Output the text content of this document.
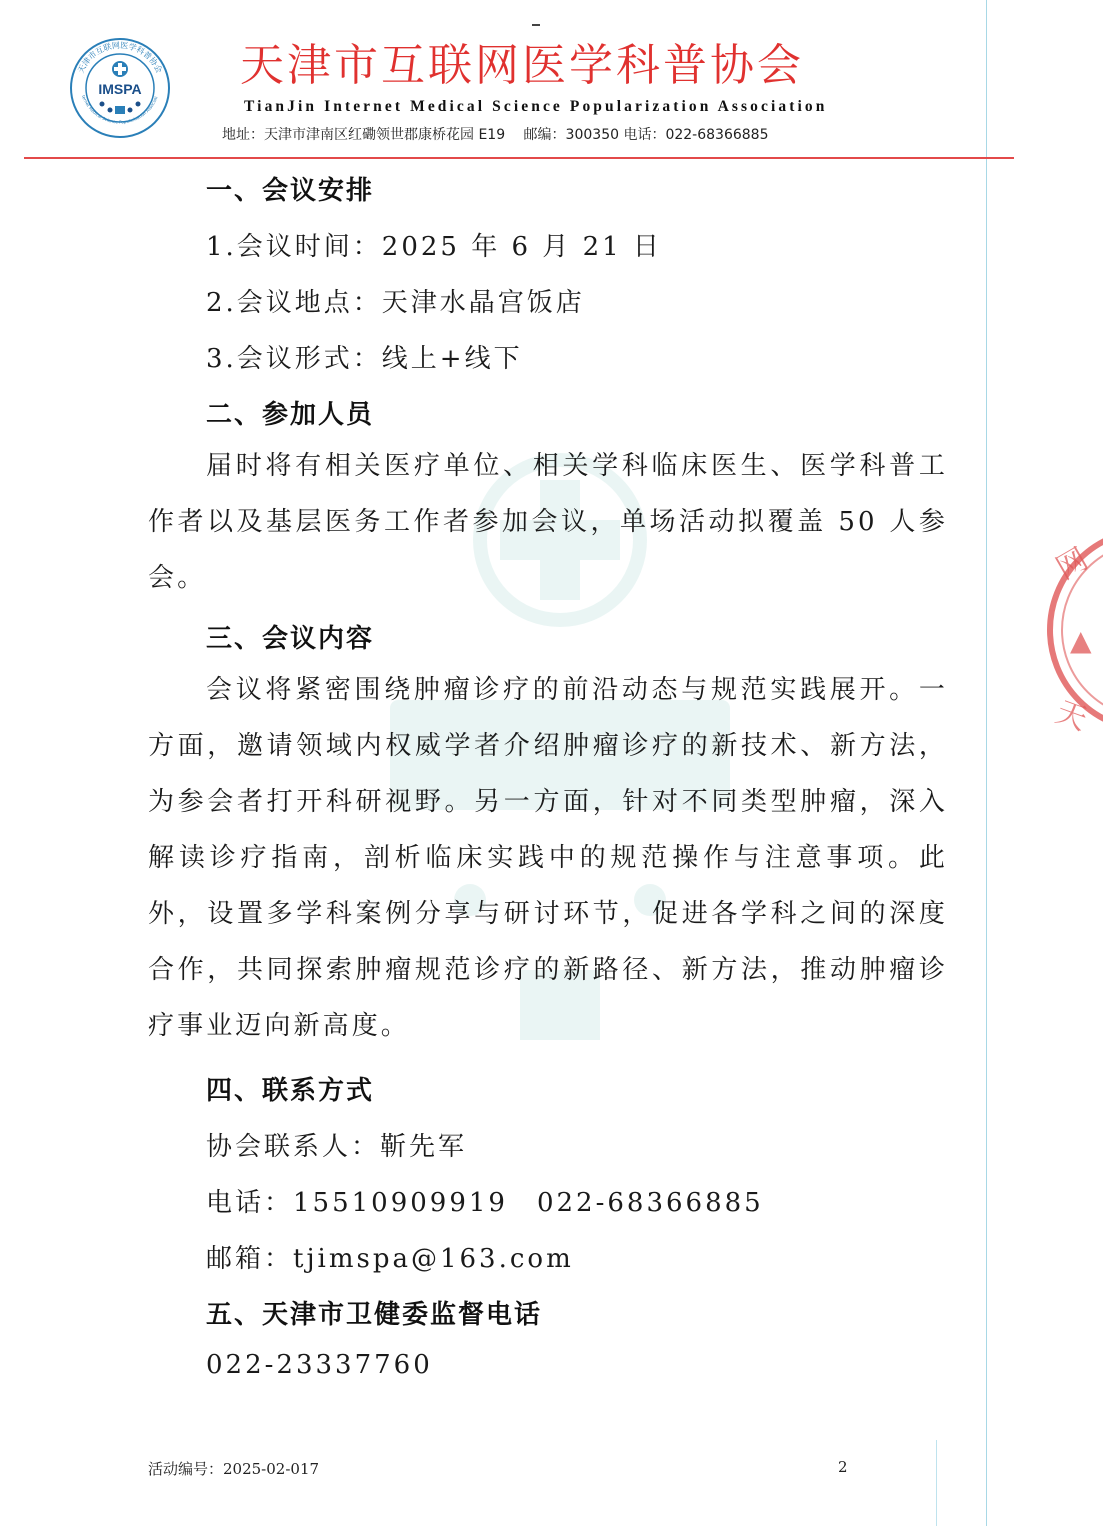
网
▲
天
IMSPA
天津市互联网医学科普协会
ternet Medical Science Popularization Associati
天津市互联网医学科普协会
TianJin Internet Medical Science Popularization Association
地址：天津市津南区红磡领世郡康桥花园 E19　 邮编：300350 电话：022-68366885
一、会议安排
1.会议时间：2025 年 6 月 21 日
2.会议地点：天津水晶宫饭店
3.会议形式：线上+线下
二、参加人员

届时将有相关医疗单位、相关学科临床医生、医学科普工作者以及基层医务工作者参加会议，单场活动拟覆盖 50 人参会。

三、会议内容

会议将紧密围绕肿瘤诊疗的前沿动态与规范实践展开。一方面，邀请领域内权威学者介绍肿瘤诊疗的新技术、新方法，为参会者打开科研视野。另一方面，针对不同类型肿瘤，深入解读诊疗指南，剖析临床实践中的规范操作与注意事项。此外，设置多学科案例分享与研讨环节，促进各学科之间的深度合作，共同探索肿瘤规范诊疗的新路径、新方法，推动肿瘤诊疗事业迈向新高度。

四、联系方式
协会联系人：靳先军
电话：15510909919　022-68366885
邮箱：tjimspa@163.com
五、天津市卫健委监督电话
022-23337760
活动编号：2025-02-017	2
